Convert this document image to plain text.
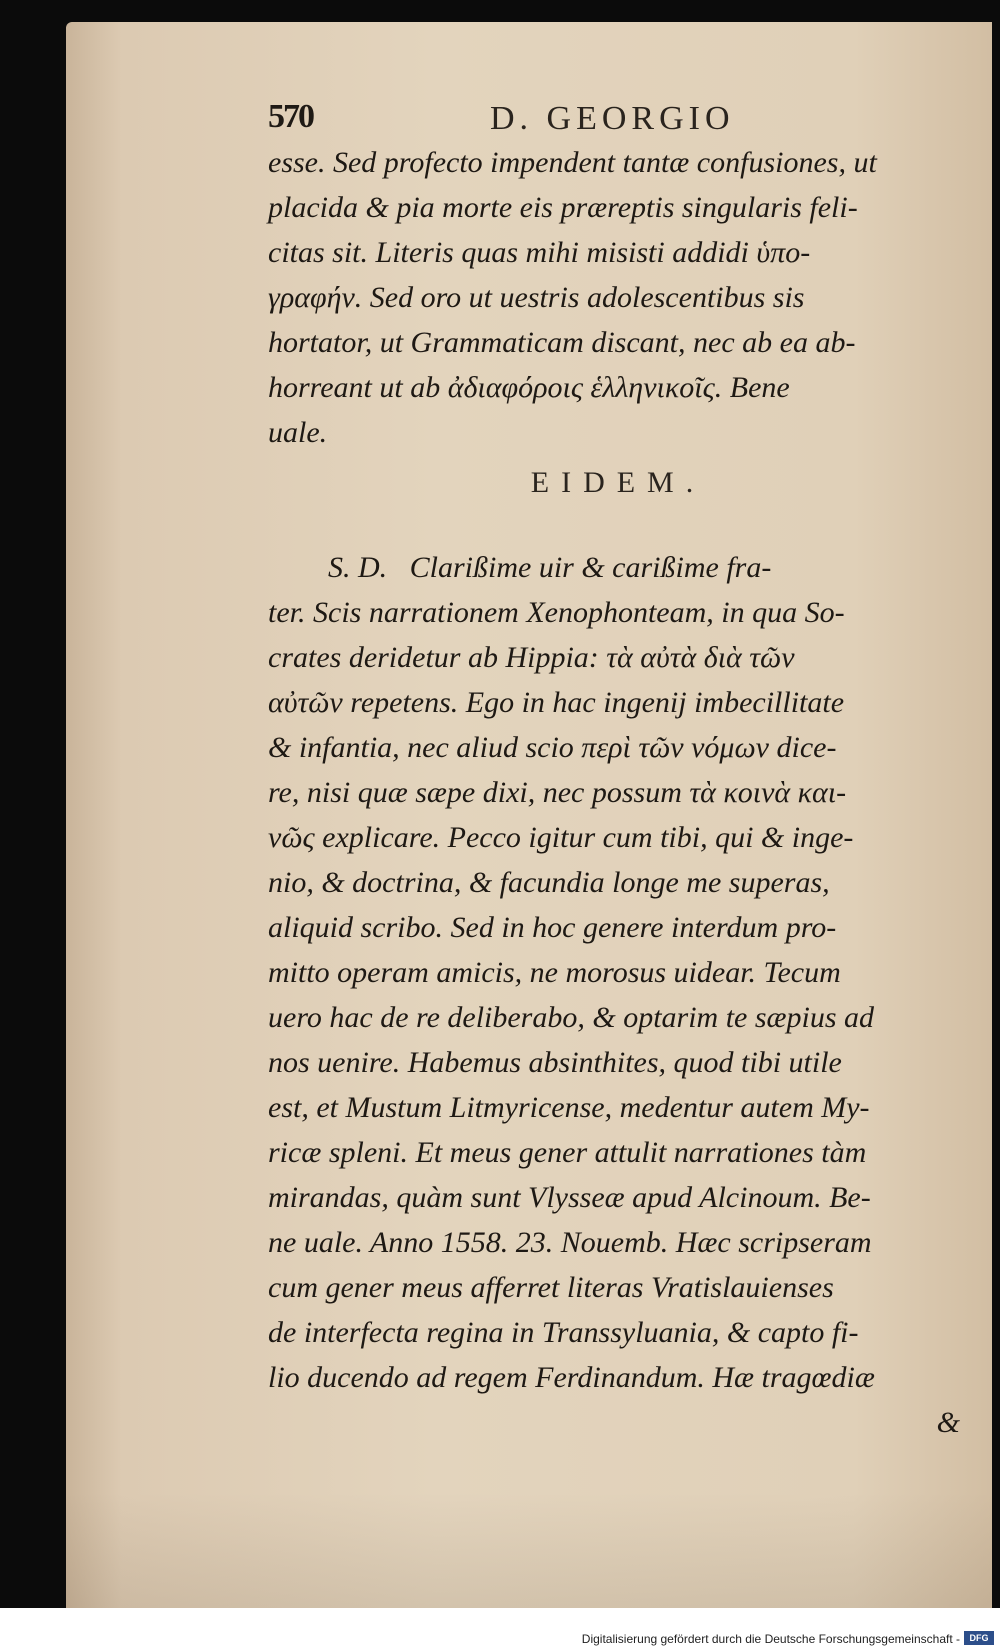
570	D. GEORGIO
esse. Sed profecto impendent tantæ confusiones, ut
placida & pia morte eis præreptis singularis feli-
citas sit. Literis quas mihi misisti addidi ὑπο-
γραφήν. Sed oro ut uestris adolescentibus sis
hortator, ut Grammaticam discant, nec ab ea ab-
horreant ut ab ἀδιαφόροις ἑλληνικοῖς. Bene
uale.
EIDEM.
S. D.   Clarißime uir & carißime fra-
ter. Scis narrationem Xenophonteam, in qua So-
crates deridetur ab Hippia: τὰ αὐτὰ διὰ τῶν
αὐτῶν repetens. Ego in hac ingenij imbecillitate
& infantia, nec aliud scio περὶ τῶν νόμων dice-
re, nisi quæ sæpe dixi, nec possum τὰ κοινὰ και-
νῶς explicare. Pecco igitur cum tibi, qui & inge-
nio, & doctrina, & facundia longe me superas,
aliquid scribo. Sed in hoc genere interdum pro-
mitto operam amicis, ne morosus uidear. Tecum
uero hac de re deliberabo, & optarim te sæpius ad
nos uenire. Habemus absinthites, quod tibi utile
est, et Mustum Litmyricense, medentur autem My-
ricæ spleni. Et meus gener attulit narrationes tàm
mirandas, quàm sunt Vlysseæ apud Alcinoum. Be-
ne uale. Anno 1558. 23. Nouemb. Hæc scripseram
cum gener meus afferret literas Vratislauienses
de interfecta regina in Transsyluania, & capto fi-
lio ducendo ad regem Ferdinandum. Hæ tragœdiæ
&
Digitalisierung gefördert durch die Deutsche Forschungsgemeinschaft -	DFG
